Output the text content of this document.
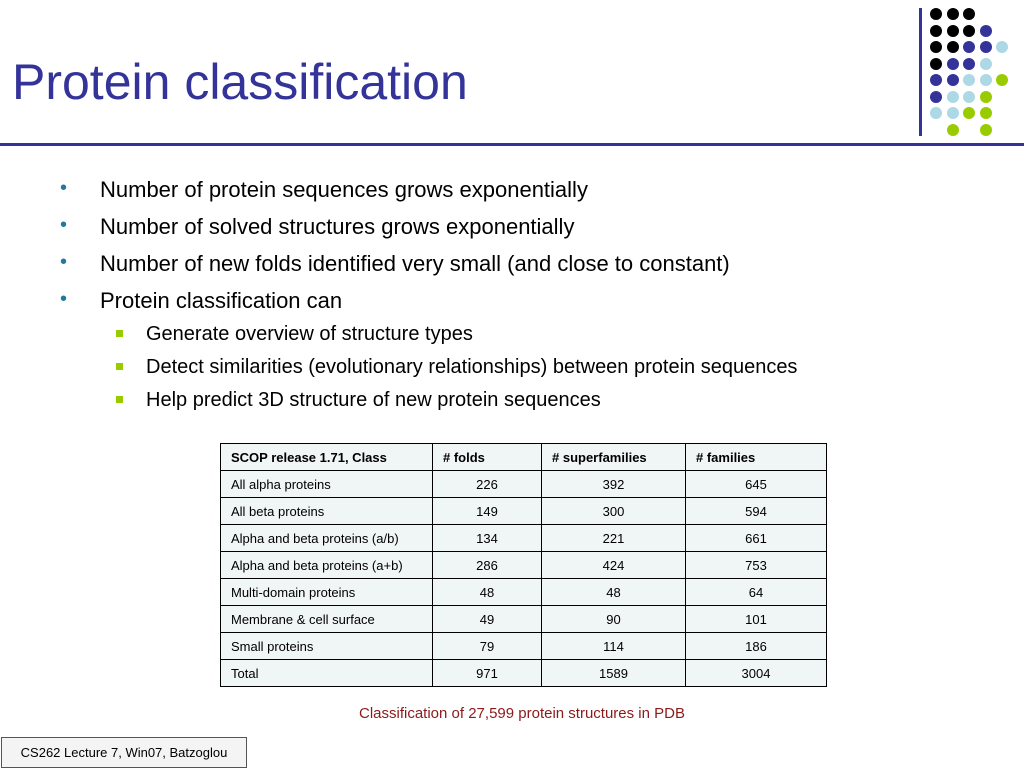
Protein classification
• Number of protein sequences grows exponentially
• Number of solved structures grows exponentially
• Number of new folds identified very small (and close to constant)
• Protein classification can
Generate overview of structure types
Detect similarities (evolutionary relationships) between protein sequences
Help predict 3D structure of new protein sequences
SCOP release 1.71, Class	# folds	# superfamilies	# families
All alpha proteins	226	392	645
All beta proteins	149	300	594
Alpha and beta proteins (a/b)	134	221	661
Alpha and beta proteins (a+b)	286	424	753
Multi-domain proteins	48	48	64
Membrane & cell surface	49	90	101
Small proteins	79	114	186
Total	971	1589	3004
Classification of 27,599 protein structures in PDB
CS262 Lecture 7, Win07, Batzoglou
